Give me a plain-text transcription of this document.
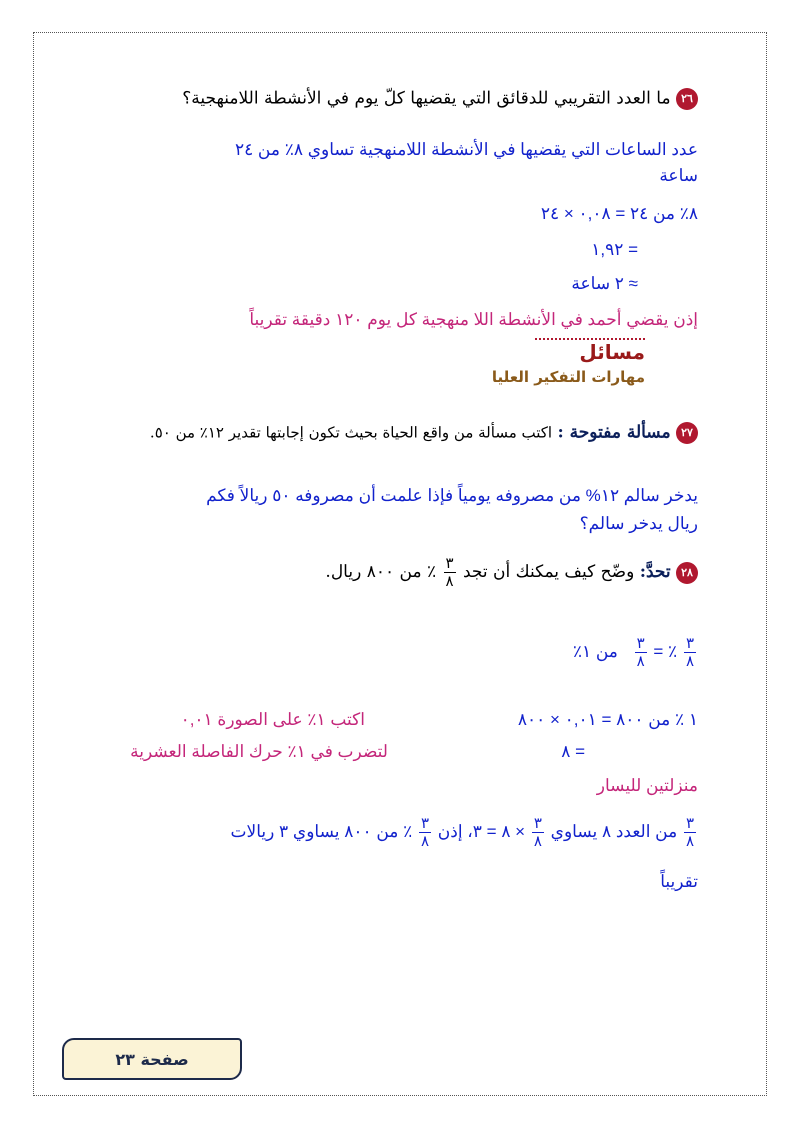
٢٦ ما العدد التقريبي للدقائق التي يقضيها كلّ يوم في الأنشطة اللامنهجية؟
عدد الساعات التي يقضيها في الأنشطة اللامنهجية تساوي ٨٪ من ٢٤
ساعة
٨٪ من ٢٤ = ٠,٠٨ × ٢٤
= ١,٩٢
≈ ٢ ساعة
إذن يقضي أحمد في الأنشطة اللا منهجية كل يوم ١٢٠ دقيقة تقريباً
مسائل
مهارات التفكير العليا
٢٧ مسألة مفتوحة : اكتب مسألة من واقع الحياة بحيث تكون إجابتها تقدير ١٢٪ من ٥٠.
يدخر سالم ١٢% من مصروفه يومياً فإذا علمت أن مصروفه ٥٠ ريالاً فكم
ريال يدخر سالم؟
٢٨ تحدَّ: وضّح كيف يمكنك أن تجد
$\frac{٣}{٨}$
٪ من ٨٠٠ ريال.
$\frac{٣}{٨}$
٪ =
$\frac{٣}{٨}$
من ١٪
١ ٪ من ٨٠٠ = ٠,٠١ × ٨٠٠
اكتب ١٪ على الصورة ٠,٠١
= ٨
لتضرب في ١٪ حرك الفاصلة العشرية
منزلتين لليسار
$\frac{٣}{٨}$
من العدد ٨ يساوي
$\frac{٣}{٨}$
× ٨ = ٣، إذن
$\frac{٣}{٨}$
٪ من ٨٠٠ يساوي ٣ ريالات
تقريباً
صفحة ٢٣
